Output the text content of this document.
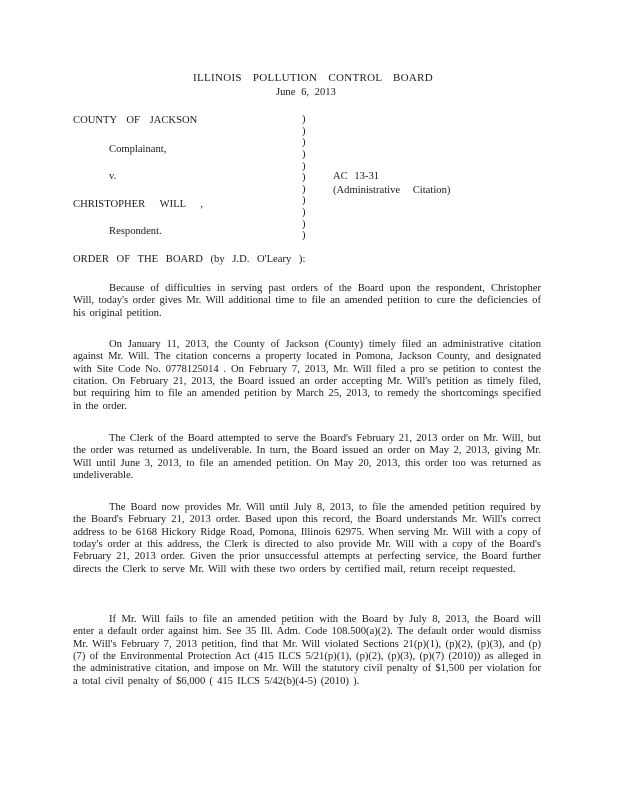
ILLINOIS POLLUTION CONTROL BOARD
June 6, 2013
COUNTY OF JACKSON
Complainant,
v.
CHRISTOPHER WILL ,
Respondent.
)
)
)
)
)
)
)
)
)
)
)
AC 13-31
(Administrative Citation)
ORDER OF THE BOARD (by J.D. O'Leary ):
Because of difficulties in serving past orders of the Board upon the respondent, Christopher Will, today's order gives Mr. Will additional time to file an amended petition to cure the deficiencies of his original petition.
On January 11, 2013, the County of Jackson (County) timely filed an administrative citation against Mr. Will. The citation concerns a property located in Pomona, Jackson County, and designated with Site Code No. 0778125014 . On February 7, 2013, Mr. Will filed a pro se petition to contest the citation. On February 21, 2013, the Board issued an order accepting Mr. Will's petition as timely filed, but requiring him to file an amended petition by March 25, 2013, to remedy the shortcomings specified in the order.
The Clerk of the Board attempted to serve the Board's February 21, 2013 order on Mr. Will, but the order was returned as undeliverable. In turn, the Board issued an order on May 2, 2013, giving Mr. Will until June 3, 2013, to file an amended petition. On May 20, 2013, this order too was returned as undeliverable.
The Board now provides Mr. Will until July 8, 2013, to file the amended petition required by the Board's February 21, 2013 order. Based upon this record, the Board understands Mr. Will's correct address to be 6168 Hickory Ridge Road, Pomona, Illinois 62975. When serving Mr. Will with a copy of today's order at this address, the Clerk is directed to also provide Mr. Will with a copy of the Board's February 21, 2013 order. Given the prior unsuccessful attempts at perfecting service, the Board further directs the Clerk to serve Mr. Will with these two orders by certified mail, return receipt requested.
If Mr. Will fails to file an amended petition with the Board by July 8, 2013, the Board will enter a default order against him. See 35 Ill. Adm. Code 108.500(a)(2). The default order would dismiss Mr. Will's February 7, 2013 petition, find that Mr. Will violated Sections 21(p)(1), (p)(2), (p)(3), and (p)(7) of the Environmental Protection Act (415 ILCS 5/21(p)(1), (p)(2), (p)(3), (p)(7) (2010)) as alleged in the administrative citation, and impose on Mr. Will the statutory civil penalty of $1,500 per violation for a total civil penalty of $6,000 ( 415 ILCS 5/42(b)(4-5) (2010) ).
